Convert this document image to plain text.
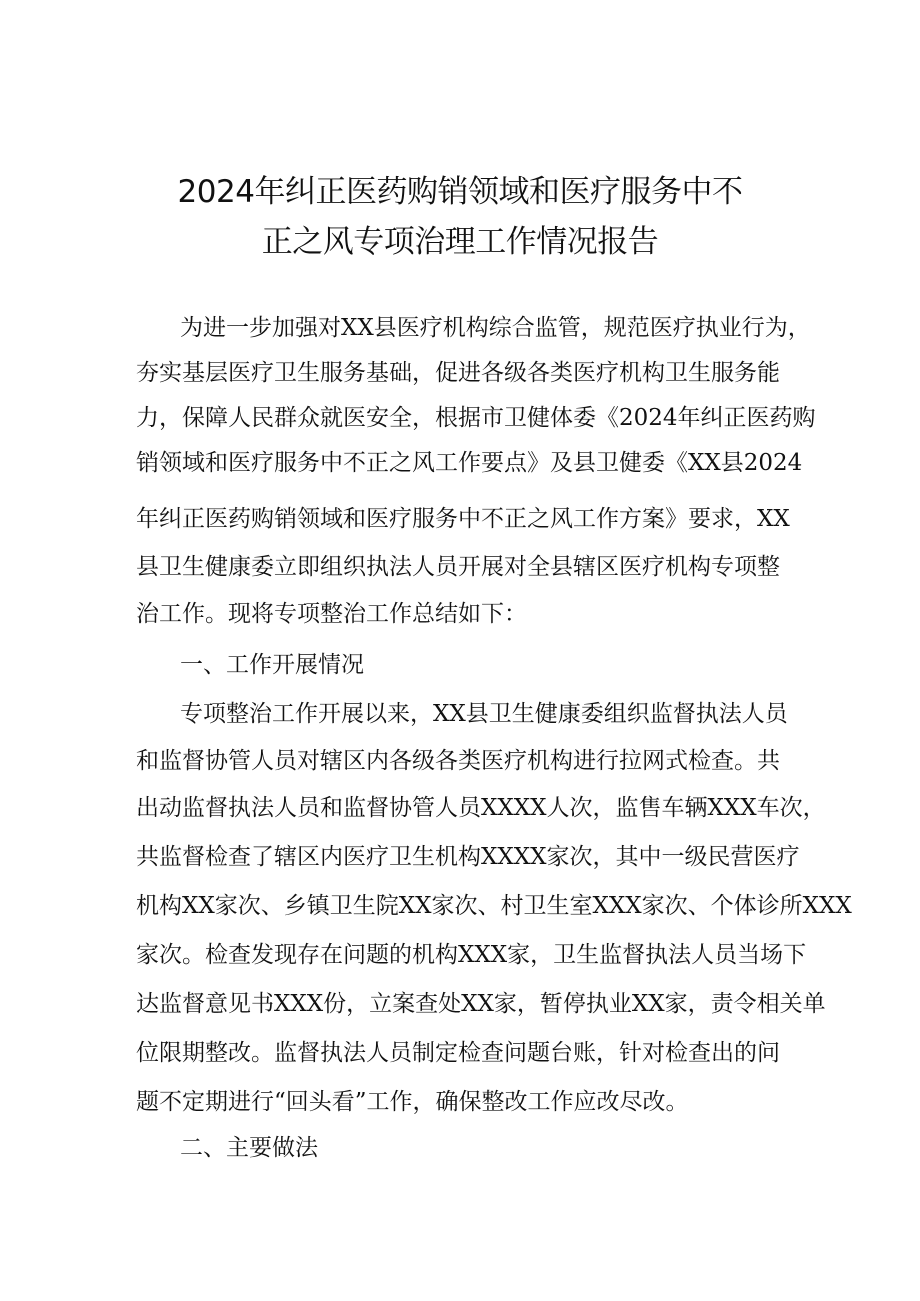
2024年纠正医药购销领域和医疗服务中不
正之风专项治理工作情况报告
为进一步加强对XX县医疗机构综合监管，规范医疗执业行为，
夯实基层医疗卫生服务基础，促进各级各类医疗机构卫生服务能
力，保障人民群众就医安全，根据市卫健体委《2024年纠正医药购
销领域和医疗服务中不正之风工作要点》及县卫健委《XX县2024
年纠正医药购销领域和医疗服务中不正之风工作方案》要求，XX
县卫生健康委立即组织执法人员开展对全县辖区医疗机构专项整
治工作。现将专项整治工作总结如下：
一、工作开展情况
专项整治工作开展以来，XX县卫生健康委组织监督执法人员
和监督协管人员对辖区内各级各类医疗机构进行拉网式检查。共
出动监督执法人员和监督协管人员XXXX人次，监售车辆XXX车次，
共监督检查了辖区内医疗卫生机构XXXX家次，其中一级民营医疗
机构XX家次、乡镇卫生院XX家次、村卫生室XXX家次、个体诊所XXX
家次。检查发现存在问题的机构XXX家，卫生监督执法人员当场下
达监督意见书XXX份，立案查处XX家，暂停执业XX家，责令相关单
位限期整改。监督执法人员制定检查问题台账，针对检查出的问
题不定期进行“回头看”工作，确保整改工作应改尽改。
二、主要做法
